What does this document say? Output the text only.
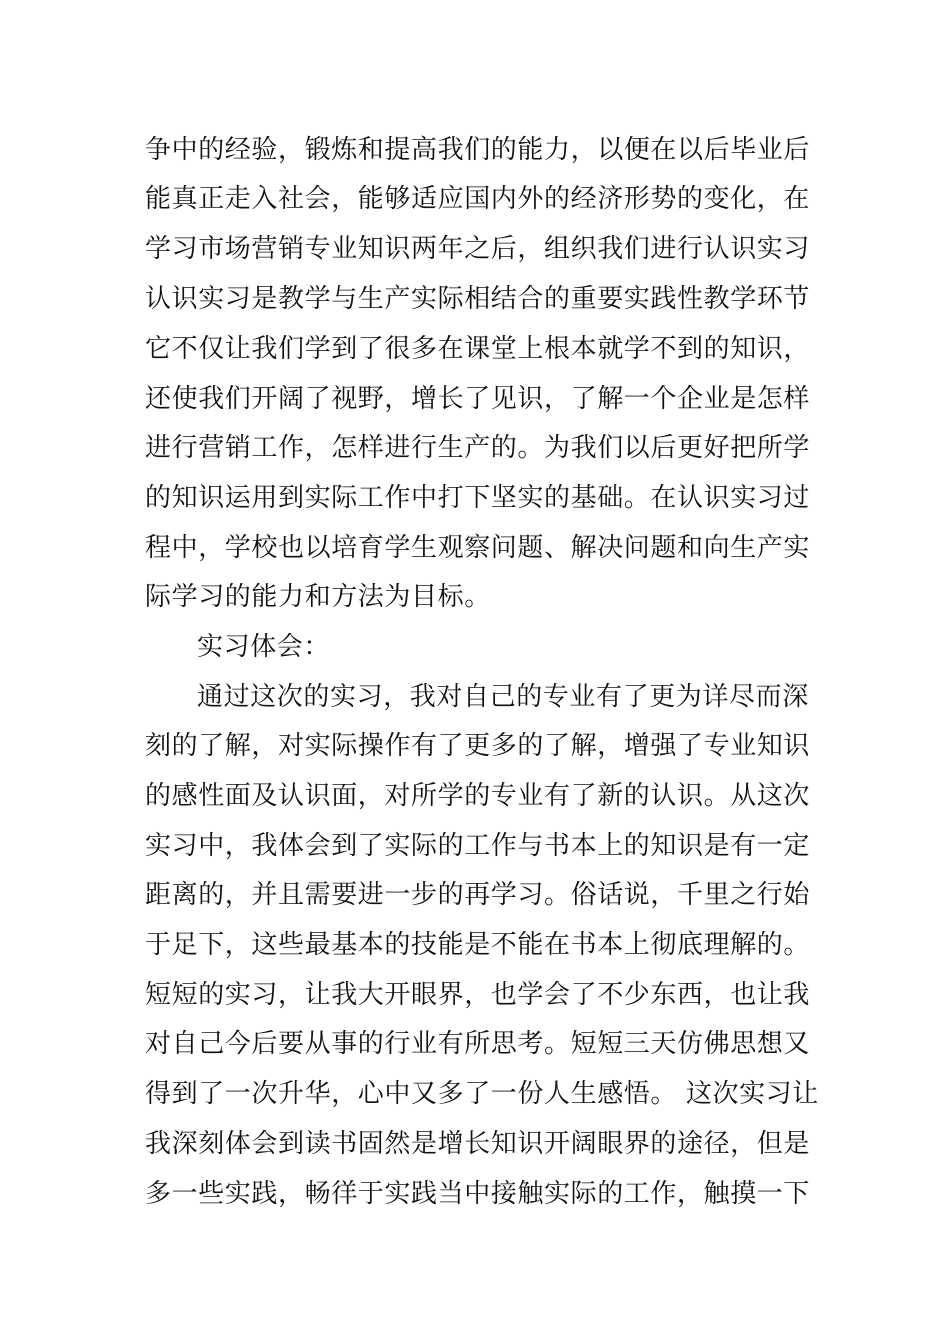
争中的经验，锻炼和提高我们的能力，以便在以后毕业后
能真正走入社会，能够适应国内外的经济形势的变化，在
学习市场营销专业知识两年之后，组织我们进行认识实习
认识实习是教学与生产实际相结合的重要实践性教学环节
它不仅让我们学到了很多在课堂上根本就学不到的知识，
还使我们开阔了视野，增长了见识，了解一个企业是怎样
进行营销工作，怎样进行生产的。为我们以后更好把所学
的知识运用到实际工作中打下坚实的基础。在认识实习过
程中，学校也以培育学生观察问题、解决问题和向生产实
际学习的能力和方法为目标。
实习体会：
通过这次的实习，我对自己的专业有了更为详尽而深
刻的了解，对实际操作有了更多的了解，增强了专业知识
的感性面及认识面，对所学的专业有了新的认识。从这次
实习中，我体会到了实际的工作与书本上的知识是有一定
距离的，并且需要进一步的再学习。俗话说，千里之行始
于足下，这些最基本的技能是不能在书本上彻底理解的。
短短的实习，让我大开眼界，也学会了不少东西，也让我
对自己今后要从事的行业有所思考。短短三天仿佛思想又
得到了一次升华，心中又多了一份人生感悟。 这次实习让
我深刻体会到读书固然是增长知识开阔眼界的途径，但是
多一些实践，畅徉于实践当中接触实际的工作，触摸一下
